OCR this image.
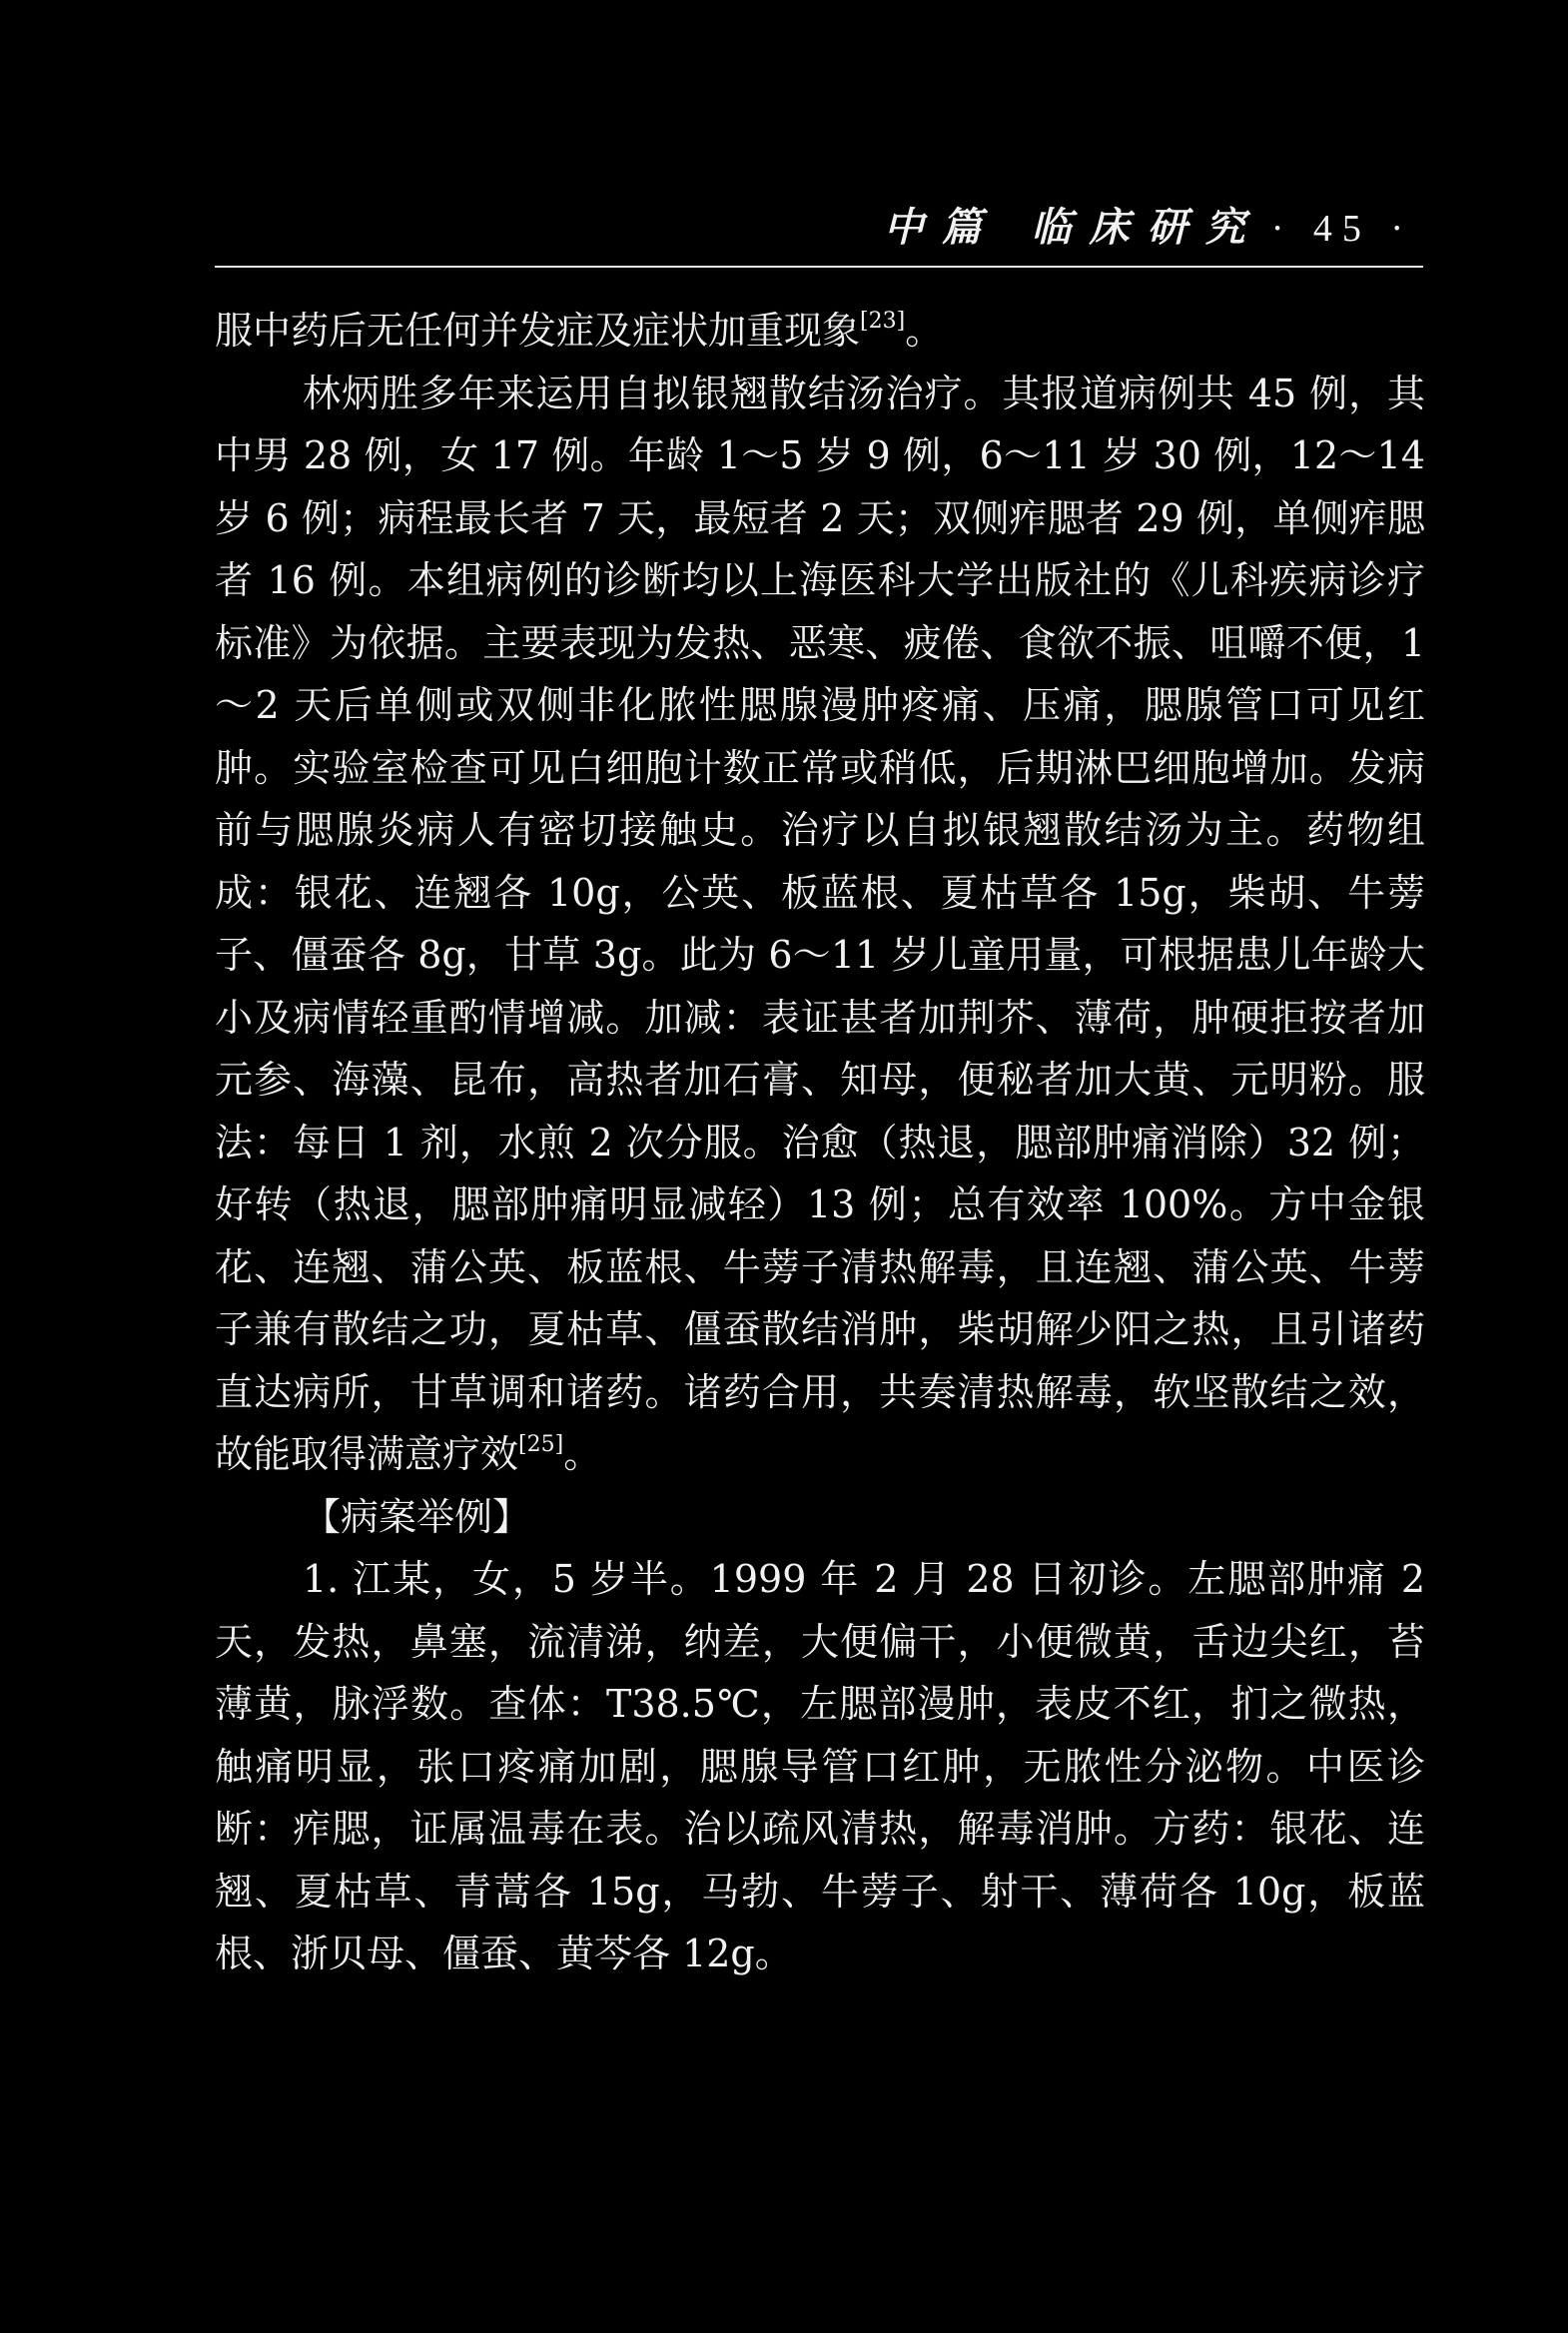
中篇 临床研究 · 45 ·

服中药后无任何并发症及症状加重现象[23]。

林炳胜多年来运用自拟银翘散结汤治疗。其报道病例共 45 例，其中男 28 例，女 17 例。年龄 1～5 岁 9 例，6～11 岁 30 例，12～14 岁 6 例；病程最长者 7 天，最短者 2 天；双侧痄腮者 29 例，单侧痄腮者 16 例。本组病例的诊断均以上海医科大学出版社的《儿科疾病诊疗标准》为依据。主要表现为发热、恶寒、疲倦、食欲不振、咀嚼不便，1～2 天后单侧或双侧非化脓性腮腺漫肿疼痛、压痛，腮腺管口可见红肿。实验室检查可见白细胞计数正常或稍低，后期淋巴细胞增加。发病前与腮腺炎病人有密切接触史。治疗以自拟银翘散结汤为主。药物组成：银花、连翘各 10g，公英、板蓝根、夏枯草各 15g，柴胡、牛蒡子、僵蚕各 8g，甘草 3g。此为 6～11 岁儿童用量，可根据患儿年龄大小及病情轻重酌情增减。加减：表证甚者加荆芥、薄荷，肿硬拒按者加元参、海藻、昆布，高热者加石膏、知母，便秘者加大黄、元明粉。服法：每日 1 剂，水煎 2 次分服。治愈（热退，腮部肿痛消除）32 例；好转（热退，腮部肿痛明显减轻）13 例；总有效率 100%。方中金银花、连翘、蒲公英、板蓝根、牛蒡子清热解毒，且连翘、蒲公英、牛蒡子兼有散结之功，夏枯草、僵蚕散结消肿，柴胡解少阳之热，且引诸药直达病所，甘草调和诸药。诸药合用，共奏清热解毒，软坚散结之效，故能取得满意疗效[25]。

【病案举例】

1. 江某，女，5 岁半。1999 年 2 月 28 日初诊。左腮部肿痛 2 天，发热，鼻塞，流清涕，纳差，大便偏干，小便微黄，舌边尖红，苔薄黄，脉浮数。查体：T38.5℃，左腮部漫肿，表皮不红，扪之微热，触痛明显，张口疼痛加剧，腮腺导管口红肿，无脓性分泌物。中医诊断：痄腮，证属温毒在表。治以疏风清热，解毒消肿。方药：银花、连翘、夏枯草、青蒿各 15g，马勃、牛蒡子、射干、薄荷各 10g，板蓝根、浙贝母、僵蚕、黄芩各 12g。
